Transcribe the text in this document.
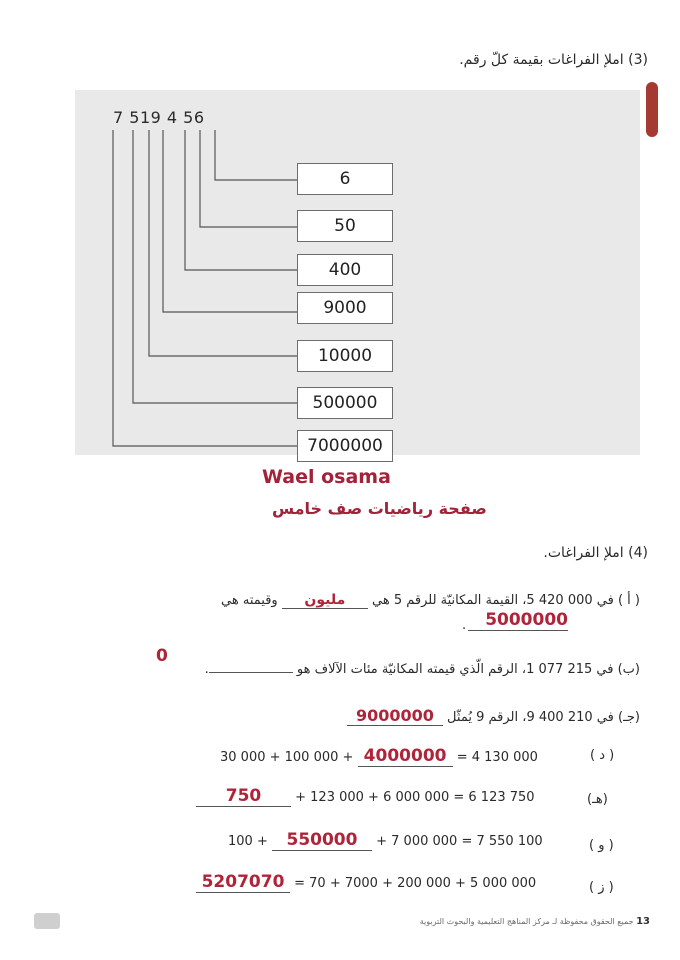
(3) املإ الفراغات بقيمة كلّ رقم.
7 519 4 56
6
50
400
9000
10000
500000
7000000
Wael osama
صفحة رياضيات صف خامس
(4) املإ الفراغات.
( أ ) في 000 420 5، القيمة المكانيّة للرقم 5 هي مليون وقيمته هي
5000000
.
0
(ب) في 215 077 1، الرقم الّذي قيمته المكانيّة مئات الآلاف هو .
(جـ) في 210 400 9، الرقم 9 يُمثّل 9000000
30 000 + 100 000 + 4000000 = 4 130 000	( د )
750	+ 123 000 + 6 000 000 = 6 123 750	(هـ)
100 + 550000 + 7 000 000 = 7 550 100	( و )
5207070 = 70 + 7000 + 200 000 + 5 000 000	( ز )
13 جميع الحقوق محفوظة لـ مركز المناهج التعليمية والبحوث التربوية
